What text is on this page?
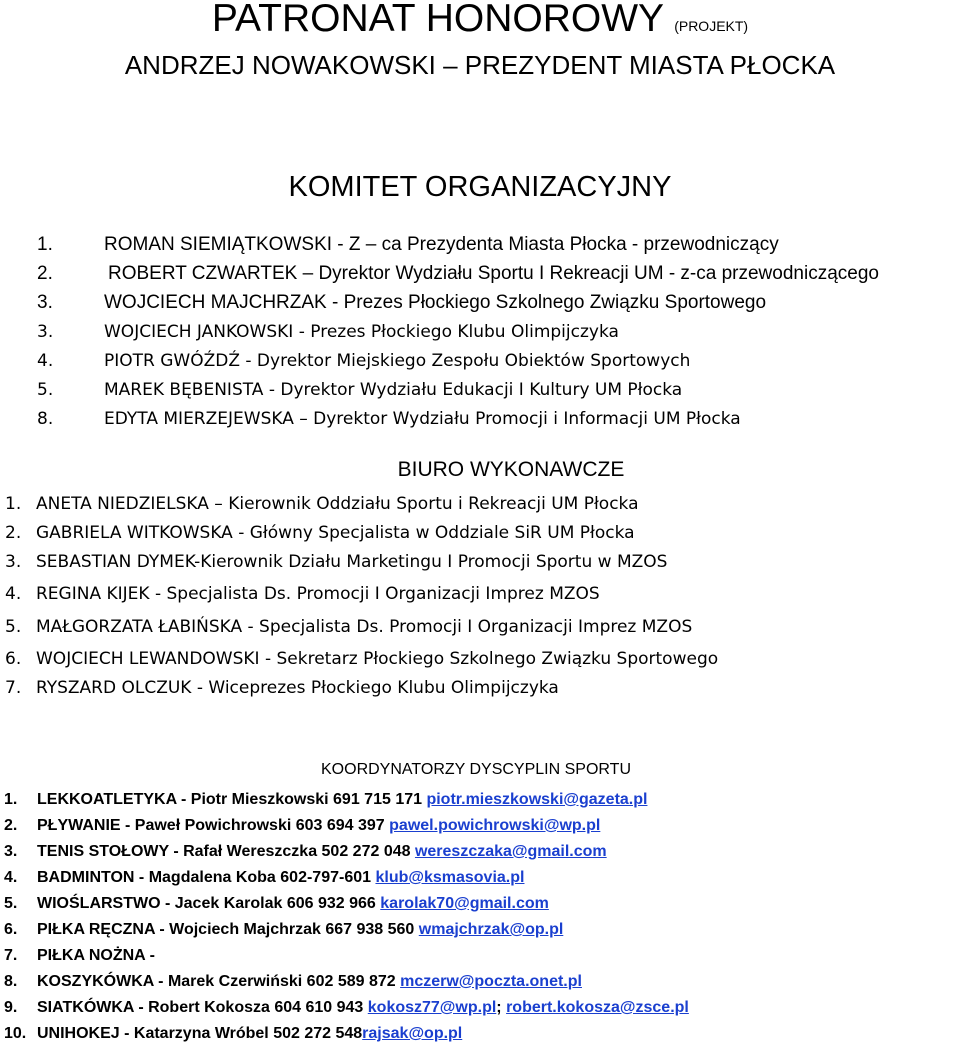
PATRONAT HONOROWY (PROJEKT)
ANDRZEJ NOWAKOWSKI – PREZYDENT MIASTA PŁOCKA
KOMITET ORGANIZACYJNY
1.	ROMAN SIEMIĄTKOWSKI - Z – ca Prezydenta Miasta Płocka - przewodniczący
2.	ROBERT CZWARTEK – Dyrektor Wydziału Sportu I Rekreacji UM - z-ca przewodniczącego
3.	WOJCIECH MAJCHRZAK - Prezes Płockiego Szkolnego Związku Sportowego
3.	WOJCIECH JANKOWSKI - Prezes Płockiego Klubu Olimpijczyka
4.	PIOTR GWÓŹDŹ - Dyrektor Miejskiego Zespołu Obiektów Sportowych
5.	MAREK BĘBENISTA - Dyrektor Wydziału Edukacji I Kultury UM Płocka
8.	EDYTA MIERZEJEWSKA – Dyrektor Wydziału Promocji i Informacji UM Płocka
BIURO WYKONAWCZE
1. ANETA NIEDZIELSKA – Kierownik Oddziału Sportu i Rekreacji UM Płocka
2. GABRIELA WITKOWSKA - Główny Specjalista w Oddziale SiR UM Płocka
3. SEBASTIAN DYMEK-Kierownik Działu Marketingu I Promocji Sportu w MZOS
4. REGINA KIJEK - Specjalista Ds. Promocji I Organizacji Imprez MZOS
5. MAŁGORZATA ŁABIŃSKA - Specjalista Ds. Promocji I Organizacji Imprez MZOS
6. WOJCIECH LEWANDOWSKI - Sekretarz Płockiego Szkolnego Związku Sportowego
7. RYSZARD OLCZUK - Wiceprezes Płockiego Klubu Olimpijczyka
KOORDYNATORZY DYSCYPLIN SPORTU
1. LEKKOATLETYKA - Piotr Mieszkowski 691 715 171 piotr.mieszkowski@gazeta.pl
2. PŁYWANIE - Paweł Powichrowski 603 694 397 pawel.powichrowski@wp.pl
3. TENIS STOŁOWY - Rafał Wereszczka 502 272 048 wereszczaka@gmail.com
4. BADMINTON - Magdalena Koba 602-797-601 klub@ksmasovia.pl
5. WIOŚLARSTWO - Jacek Karolak 606 932 966 karolak70@gmail.com
6. PIŁKA RĘCZNA - Wojciech Majchrzak 667 938 560 wmajchrzak@op.pl
7. PIŁKA NOŻNA -
8. KOSZYKÓWKA - Marek Czerwiński 602 589 872 mczerw@poczta.onet.pl
9. SIATKÓWKA - Robert Kokosza 604 610 943 kokosz77@wp.pl; robert.kokosza@zsce.pl
10. UNIHOKEJ - Katarzyna Wróbel 502 272 548rajsak@op.pl
